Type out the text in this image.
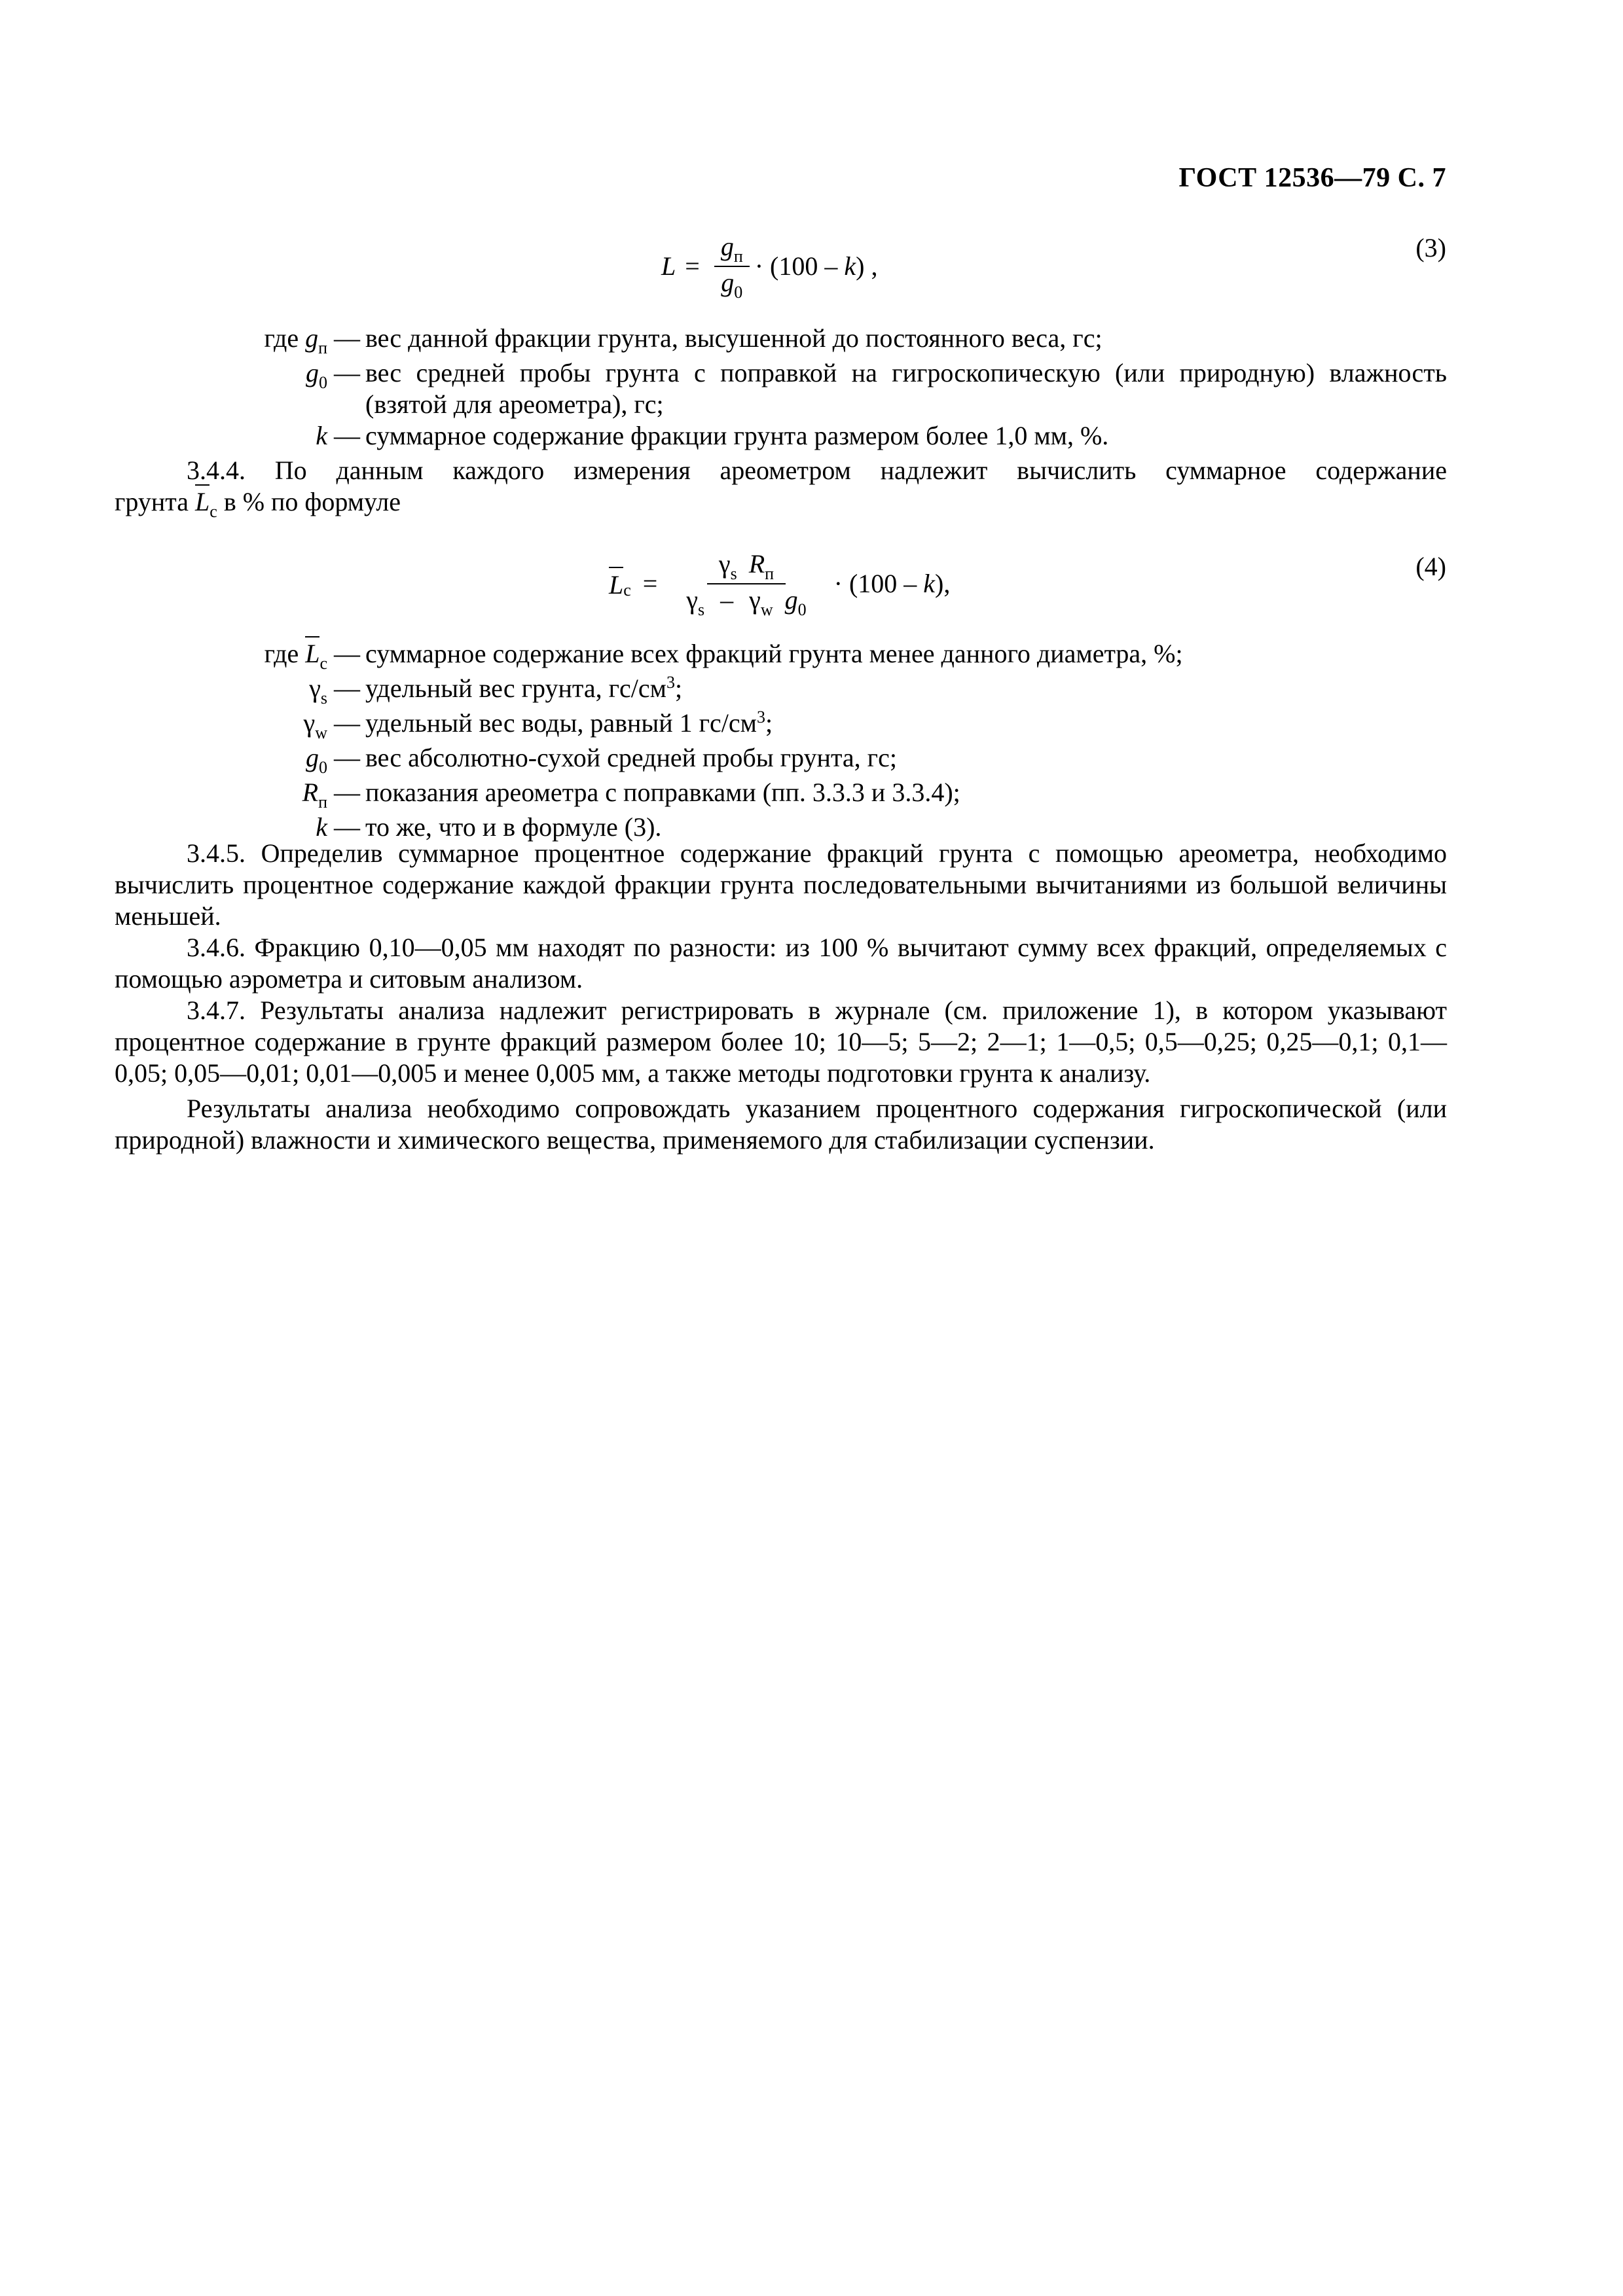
ГОСТ 12536—79 С. 7
$L = \frac{g_п}{g_0} \cdot (100 - k$ ) ,
(3)
где $g_п$ — вес данной фракции грунта, высушенной до постоянного веса, гс;
$g_0$ — вес средней пробы грунта с поправкой на гигроскопическую (или природную) влажность (взятой для ареометра), гс;
k — суммарное содержание фракции грунта размером более 1,0 мм, %.
3.4.4. По данным каждого измерения ареометром надлежит вычислить суммарное содержание
грунта $L_c$ в % по формуле
L $c = \frac{\gamma_s R_п}{\gamma_s - \gamma_w g_0} \cdot (100 - k$ ),
(4)
где $L_c$ — суммарное содержание всех фракций грунта менее данного диаметра, %;
$\gamma_s$ — удельный вес грунта, $гс/см^3$;
$\gamma_w$ — удельный вес воды, равный 1 $гс/см^3$;
$g_0$ — вес абсолютно-сухой средней пробы грунта, гс;
$R_п$ — показания ареометра с поправками (пп. 3.3.3 и 3.3.4);
k — то же, что и в формуле (3).

3.4.5. Определив суммарное процентное содержание фракций грунта с помощью ареометра, необходимо вычислить процентное содержание каждой фракции грунта последовательными вычитаниями из большой величины меньшей.

3.4.6. Фракцию 0,10—0,05 мм находят по разности: из 100 % вычитают сумму всех фракций, определяемых с помощью аэрометра и ситовым анализом.

3.4.7. Результаты анализа надлежит регистрировать в журнале (см. приложение 1), в котором указывают процентное содержание в грунте фракций размером более 10; 10—5; 5—2; 2—1; 1—0,5; 0,5—0,25; 0,25—0,1; 0,1—0,05; 0,05—0,01; 0,01—0,005 и менее 0,005 мм, а также методы подготовки грунта к анализу.

Результаты анализа необходимо сопровождать указанием процентного содержания гигроскопической (или природной) влажности и химического вещества, применяемого для стабилизации суспензии.
